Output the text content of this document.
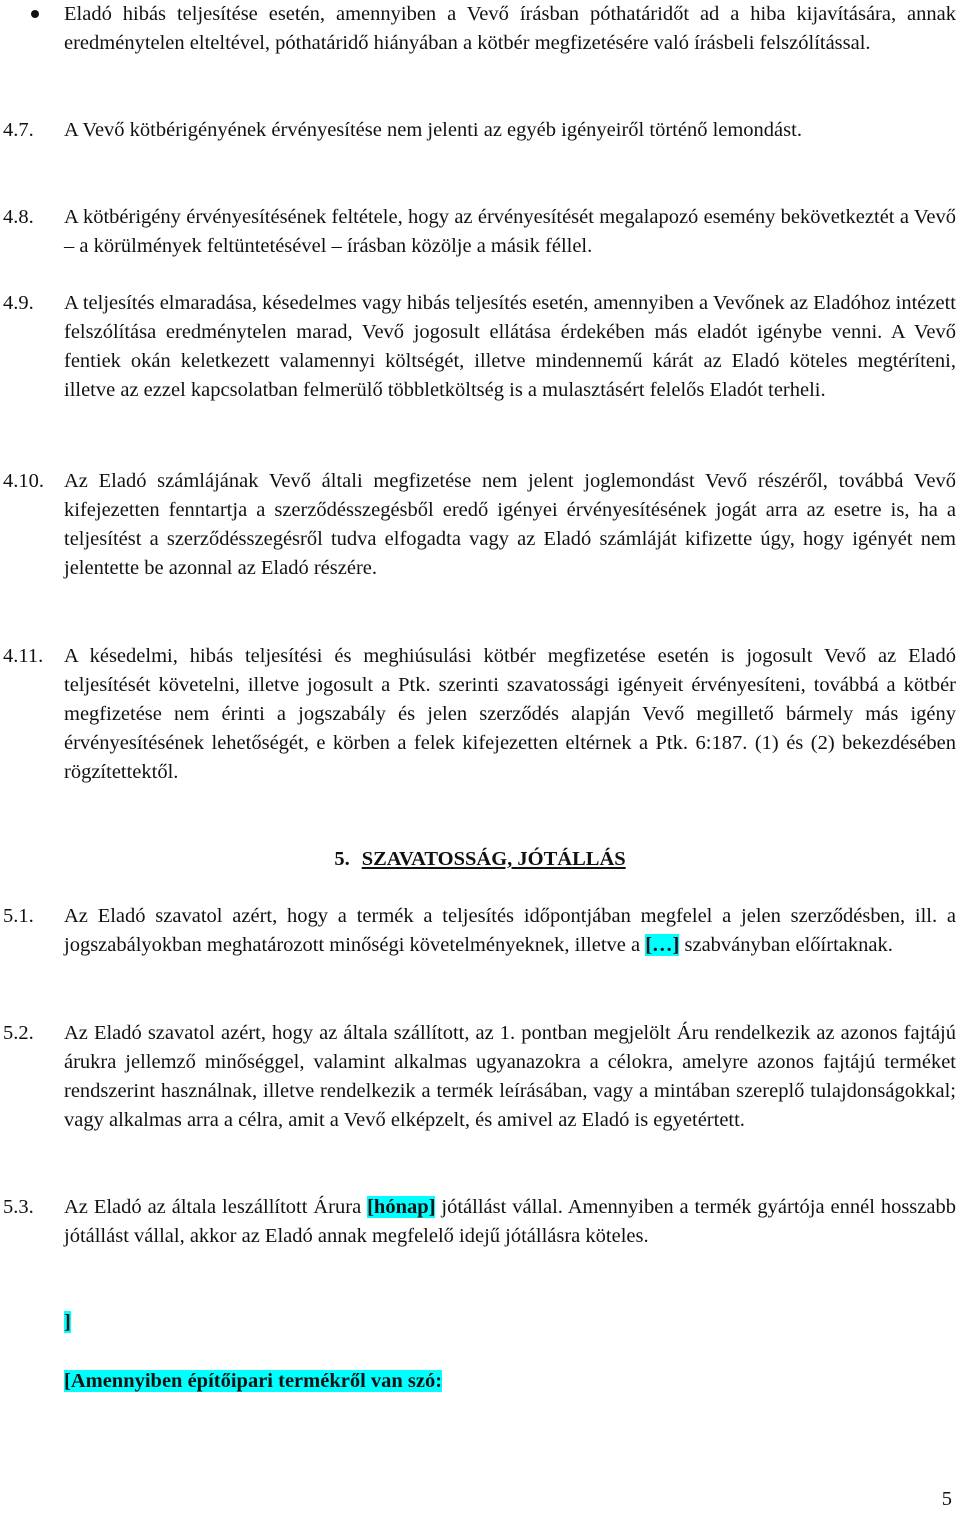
Eladó hibás teljesítése esetén, amennyiben a Vevő írásban póthatáridőt ad a hiba kijavítására, annak eredménytelen elteltével, póthatáridő hiányában a kötbér megfizetésére való írásbeli felszólítással.
4.7. A Vevő kötbérigényének érvényesítése nem jelenti az egyéb igényeiről történő lemondást.
4.8. A kötbérigény érvényesítésének feltétele, hogy az érvényesítését megalapozó esemény bekövetkeztét a Vevő – a körülmények feltüntetésével – írásban közölje a másik féllel.
4.9. A teljesítés elmaradása, késedelmes vagy hibás teljesítés esetén, amennyiben a Vevőnek az Eladóhoz intézett felszólítása eredménytelen marad, Vevő jogosult ellátása érdekében más eladót igénybe venni. A Vevő fentiek okán keletkezett valamennyi költségét, illetve mindennemű kárát az Eladó köteles megtéríteni, illetve az ezzel kapcsolatban felmerülő többletköltség is a mulasztásért felelős Eladót terheli.
4.10. Az Eladó számlájának Vevő általi megfizetése nem jelent joglemondást Vevő részéről, továbbá Vevő kifejezetten fenntartja a szerződésszegésből eredő igényei érvényesítésének jogát arra az esetre is, ha a teljesítést a szerződésszegésről tudva elfogadta vagy az Eladó számláját kifizette úgy, hogy igényét nem jelentette be azonnal az Eladó részére.
4.11. A késedelmi, hibás teljesítési és meghiúsulási kötbér megfizetése esetén is jogosult Vevő az Eladó teljesítését követelni, illetve jogosult a Ptk. szerinti szavatossági igényeit érvényesíteni, továbbá a kötbér megfizetése nem érinti a jogszabály és jelen szerződés alapján Vevő megillető bármely más igény érvényesítésének lehetőségét, e körben a felek kifejezetten eltérnek a Ptk. 6:187. (1) és (2) bekezdésében rögzítettektől.
5. SZAVATOSSÁG, JÓTÁLLÁS
5.1. Az Eladó szavatol azért, hogy a termék a teljesítés időpontjában megfelel a jelen szerződésben, ill. a jogszabályokban meghatározott minőségi követelményeknek, illetve a […] szabványban előírtaknak.
5.2. Az Eladó szavatol azért, hogy az általa szállított, az 1. pontban megjelölt Áru rendelkezik az azonos fajtájú árukra jellemző minőséggel, valamint alkalmas ugyanazokra a célokra, amelyre azonos fajtájú terméket rendszerint használnak, illetve rendelkezik a termék leírásában, vagy a mintában szereplő tulajdonságokkal; vagy alkalmas arra a célra, amit a Vevő elképzelt, és amivel az Eladó is egyetértett.
5.3. Az Eladó az általa leszállított Árura [hónap] jótállást vállal. Amennyiben a termék gyártója ennél hosszabb jótállást vállal, akkor az Eladó annak megfelelő idejű jótállásra köteles.
]
[Amennyiben építőipari termékről van szó:
5
